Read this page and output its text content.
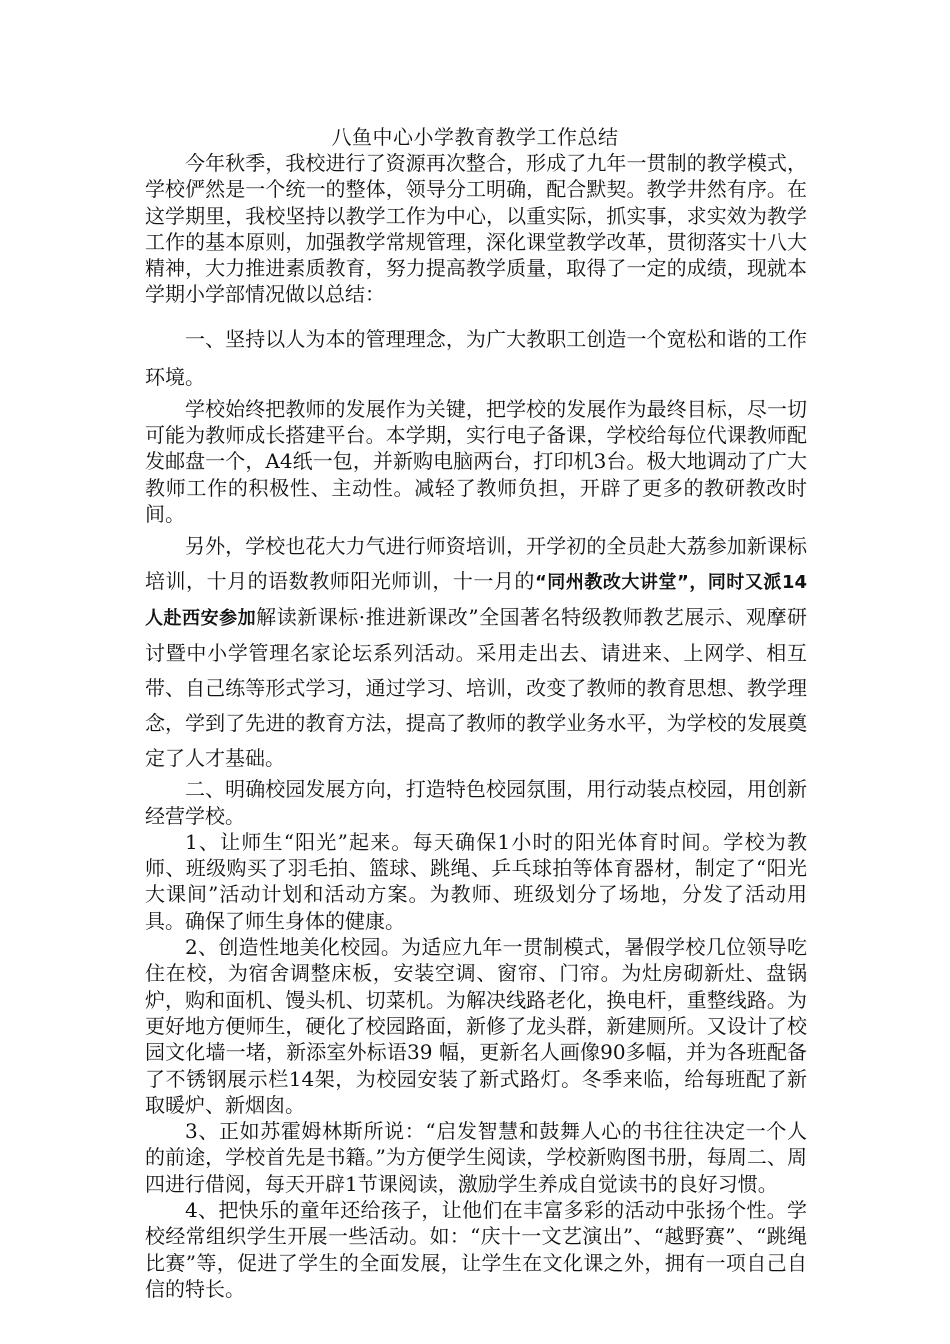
八鱼中心小学教育教学工作总结

今年秋季，我校进行了资源再次整合，形成了九年一贯制的教学模式，学校俨然是一个统一的整体，领导分工明确，配合默契。教学井然有序。在这学期里，我校坚持以教学工作为中心，以重实际，抓实事，求实效为教学工作的基本原则，加强教学常规管理，深化课堂教学改革，贯彻落实十八大精神，大力推进素质教育，努力提高教学质量，取得了一定的成绩，现就本学期小学部情况做以总结：

一、坚持以人为本的管理理念，为广大教职工创造一个宽松和谐的工作环境。

学校始终把教师的发展作为关键，把学校的发展作为最终目标，尽一切可能为教师成长搭建平台。本学期，实行电子备课，学校给每位代课教师配发邮盘一个，A4纸一包，并新购电脑两台，打印机3台。极大地调动了广大教师工作的积极性、主动性。减轻了教师负担，开辟了更多的教研教改时间。

另外，学校也花大力气进行师资培训，开学初的全员赴大荔参加新课标培训，十月的语数教师阳光师训，十一月的“同州教改大讲堂”，同时又派14人赴西安参加解读新课标·推进新课改”全国著名特级教师教艺展示、观摩研讨暨中小学管理名家论坛系列活动。采用走出去、请进来、上网学、相互带、自己练等形式学习，通过学习、培训，改变了教师的教育思想、教学理念，学到了先进的教育方法，提高了教师的教学业务水平，为学校的发展奠定了人才基础。

二、明确校园发展方向，打造特色校园氛围，用行动装点校园，用创新经营学校。

1、让师生“阳光”起来。每天确保1小时的阳光体育时间。学校为教师、班级购买了羽毛拍、篮球、跳绳、乒乓球拍等体育器材，制定了“阳光大课间”活动计划和活动方案。为教师、班级划分了场地，分发了活动用具。确保了师生身体的健康。

2、创造性地美化校园。为适应九年一贯制模式，暑假学校几位领导吃住在校，为宿舍调整床板，安装空调、窗帘、门帘。为灶房砌新灶、盘锅炉，购和面机、馒头机、切菜机。为解决线路老化，换电杆，重整线路。为更好地方便师生，硬化了校园路面，新修了龙头群，新建厕所。又设计了校园文化墙一堵，新添室外标语39 幅，更新名人画像90多幅，并为各班配备了不锈钢展示栏14架，为校园安装了新式路灯。冬季来临，给每班配了新取暖炉、新烟囱。

3、正如苏霍姆林斯所说：“启发智慧和鼓舞人心的书往往决定一个人的前途，学校首先是书籍。”为方便学生阅读，学校新购图书册，每周二、周四进行借阅，每天开辟1节课阅读，激励学生养成自觉读书的良好习惯。

4、把快乐的童年还给孩子，让他们在丰富多彩的活动中张扬个性。学校经常组织学生开展一些活动。如：“庆十一文艺演出”、“越野赛”、“跳绳比赛”等，促进了学生的全面发展，让学生在文化课之外，拥有一项自己自信的特长。
